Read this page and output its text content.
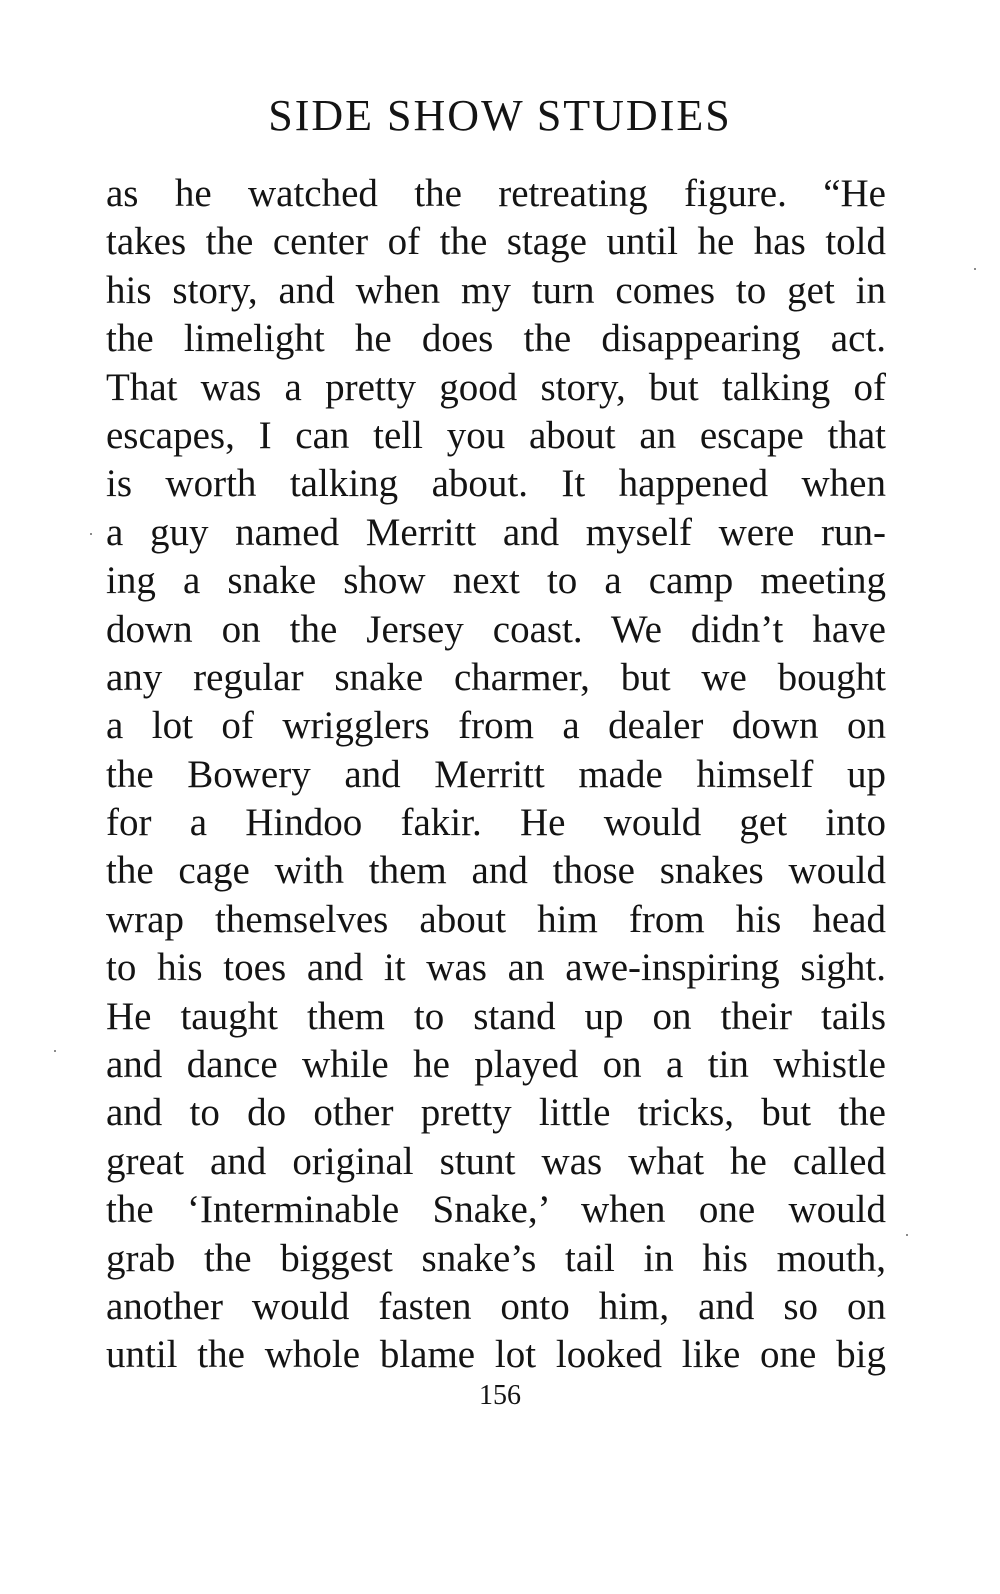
SIDE SHOW STUDIES
as he watched the retreating figure. “He
takes the center of the stage until he has told
his story, and when my turn comes to get in
the limelight he does the disappearing act.
That was a pretty good story, but talking of
escapes, I can tell you about an escape that
is worth talking about. It happened when
a guy named Merritt and myself were run-
ing a snake show next to a camp meeting
down on the Jersey coast. We didn’t have
any regular snake charmer, but we bought
a lot of wrigglers from a dealer down on
the Bowery and Merritt made himself up
for a Hindoo fakir. He would get into
the cage with them and those snakes would
wrap themselves about him from his head
to his toes and it was an awe-inspiring sight.
He taught them to stand up on their tails
and dance while he played on a tin whistle
and to do other pretty little tricks, but the
great and original stunt was what he called
the ‘Interminable Snake,’ when one would
grab the biggest snake’s tail in his mouth,
another would fasten onto him, and so on
until the whole blame lot looked like one big
156
